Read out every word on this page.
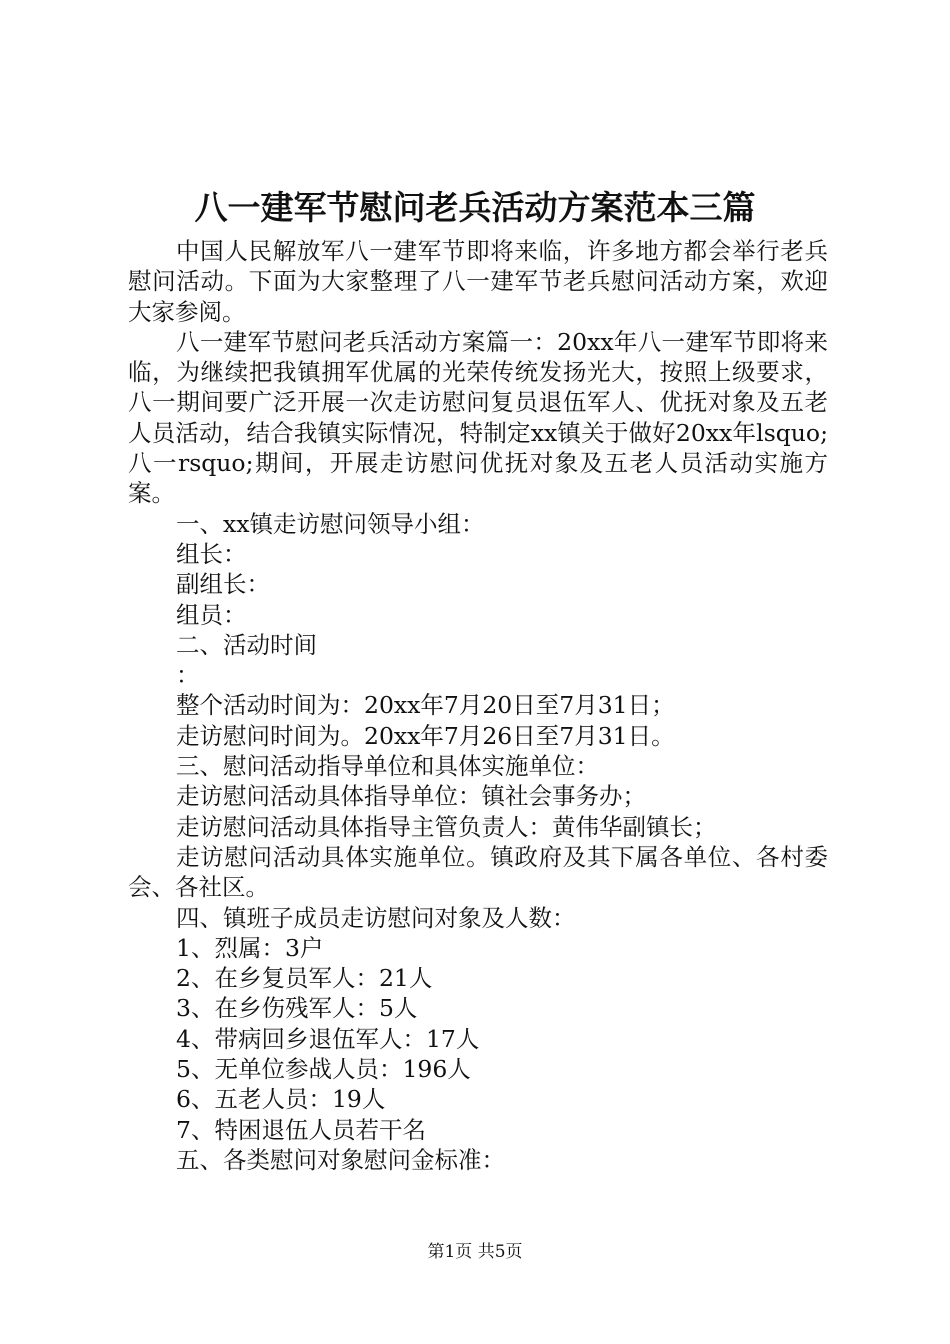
八一建军节慰问老兵活动方案范本三篇

中国人民解放军八一建军节即将来临，许多地方都会举行老兵慰问活动。下面为大家整理了八一建军节老兵慰问活动方案，欢迎大家参阅。

八一建军节慰问老兵活动方案篇一：20xx年八一建军节即将来临，为继续把我镇拥军优属的光荣传统发扬光大，按照上级要求，八一期间要广泛开展一次走访慰问复员退伍军人、优抚对象及五老人员活动，结合我镇实际情况，特制定xx镇关于做好20xx年lsquo;八一rsquo;期间，开展走访慰问优抚对象及五老人员活动实施方案。

一、xx镇走访慰问领导小组：

组长：

副组长：

组员：

二、活动时间

：

整个活动时间为：20xx年7月20日至7月31日；

走访慰问时间为。20xx年7月26日至7月31日。

三、慰问活动指导单位和具体实施单位：

走访慰问活动具体指导单位：镇社会事务办；

走访慰问活动具体指导主管负责人：黄伟华副镇长；

走访慰问活动具体实施单位。镇政府及其下属各单位、各村委会、各社区。

四、镇班子成员走访慰问对象及人数：

1、烈属：3户

2、在乡复员军人：21人

3、在乡伤残军人：5人

4、带病回乡退伍军人：17人

5、无单位参战人员：196人

6、五老人员：19人

7、特困退伍人员若干名

五、各类慰问对象慰问金标准：

第1页 共5页
